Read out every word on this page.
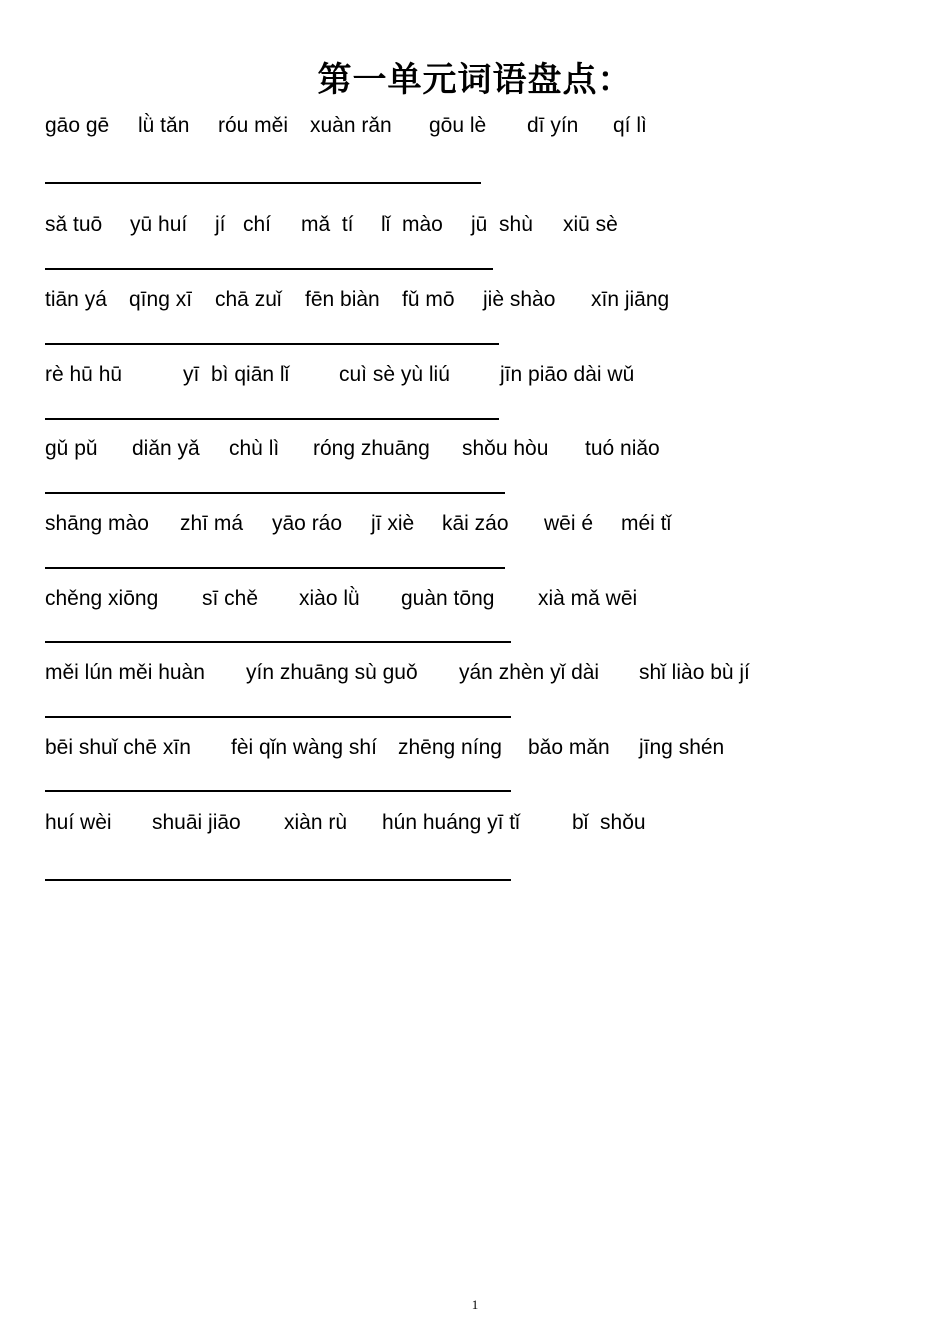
第一单元词语盘点：
gāo gē lǜ tǎn róu měi xuàn rǎn gōu lè dī yín qí lì
sǎ tuō yū huí jí   chí mǎ  tí lǐ  mào jū  shù xiū sè
tiān yá qīng xī chā zuǐ fēn biàn fǔ mō jiè shào xīn jiāng
rè hū hū	yī  bì qiān lǐ cuì sè yù liú jīn piāo dài wǔ
gǔ pǔ diǎn yǎ chù lì róng zhuāng shǒu hòu tuó niǎo
shāng mào zhī má yāo ráo jī xiè kāi záo wēi é méi tǐ
chěng xiōng sī chě xiào lǜ guàn tōng xià mǎ wēi
měi lún měi huàn yín zhuāng sù guǒ yán zhèn yǐ dài shǐ liào bù jí
bēi shuǐ chē xīn fèi qǐn wàng shí zhēng níng bǎo mǎn jīng shén
huí wèi shuāi jiāo xiàn rù hún huáng yī tǐ bǐ  shǒu
1
